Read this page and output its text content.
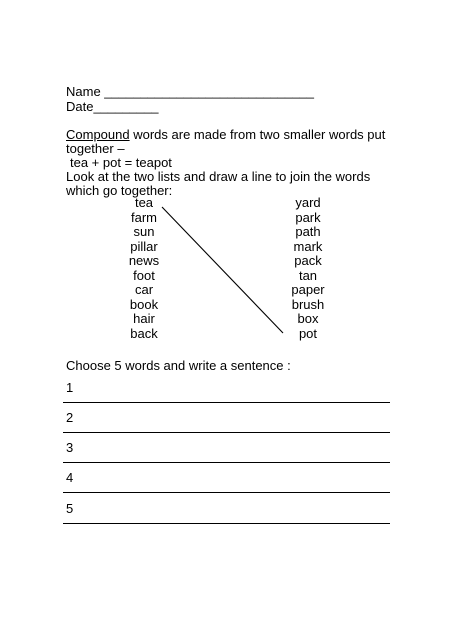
Name _____________________________
Date_________
Compound words are made from two smaller words put
together –
tea + pot = teapot
Look at the two lists and draw a line to join the words
which go together:
tea
farm
sun
pillar
news
foot
car
book
hair
back
yard
park
path
mark
pack
tan
paper
brush
box
pot
Choose 5 words and write a sentence :
1
2
3
4
5
